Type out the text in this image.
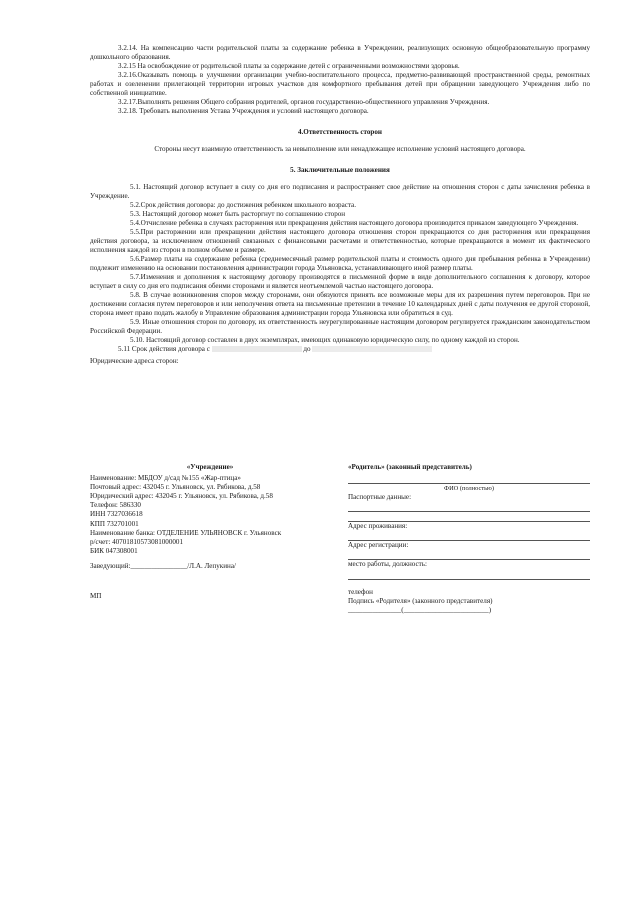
3.2.14. На компенсацию части родительской платы за содержание ребенка в Учреждении, реализующих основную общеобразовательную программу дошкольного образования.

3.2.15 На освобождение от родительской платы за содержание детей с ограниченными возможностями здоровья.

3.2.16.Оказывать помощь в улучшении организации учебно-воспитательного процесса, предметно-развивающей пространственной среды, ремонтных работах и озеленении прилегающей территории игровых участков для комфортного пребывания детей при обращении заведующего Учреждения либо по собственной инициативе.

3.2.17.Выполнять решения Общего собрания родителей, органов государственно-общественного управления Учреждения.

3.2.18. Требовать выполнения Устава Учреждения и условий настоящего договора.

4.Ответственность сторон

Стороны несут взаимную ответственность за невыполнение или ненадлежащее исполнение условий настоящего договора.

5. Заключительные положения

5.1. Настоящий договор вступает в силу со дня его подписания и распространяет свое действие на отношения сторон с даты зачисления ребенка в Учреждение.

5.2.Срок действия договора: до достижения ребенком школьного возраста.

5.3. Настоящий договор может быть расторгнут по соглашению сторон

5.4.Отчисление ребенка в случаях расторжения или прекращения действия настоящего договора производится приказом заведующего Учреждения.

5.5.При расторжении или прекращении действия настоящего договора отношения сторон прекращаются со дня расторжения или прекращения действия договора, за исключением отношений связанных с финансовыми расчетами и ответственностью, которые прекращаются в момент их фактического исполнения каждой из сторон в полном объеме и размере.

5.6.Размер платы на содержание ребенка (среднемесячный размер родительской платы и стоимость одного дня пребывания ребенка в Учреждении) подлежит изменению на основании постановления администрации города Ульяновска, устанавливающего иной размер платы.

5.7.Изменения и дополнения к настоящему договору производятся в письменной форме в виде дополнительного соглашения к договору, которое вступает в силу со дня его подписания обеими сторонами и является неотъемлемой частью настоящего договора.

5.8. В случае возникновения споров между сторонами, они обязуются принять все возможные меры для их разрешения путем переговоров. При не достижении согласия путем переговоров и или неполучения ответа на письменные претензии в течение 10 календарных дней с даты получения ее другой стороной, сторона имеет право подать жалобу в Управление образования администрации города Ульяновска или обратиться в суд.

5.9. Иные отношения сторон по договору, их ответственность неурегулированные настоящим договором регулируется гражданским законодательством Российской Федерации.

5.10. Настоящий договор составлен в двух экземплярах, имеющих одинаковую юридическую силу, по одному каждой из сторон.

5.11 Срок действия договора с	до

Юридические адреса сторон:

«Учреждение»
Наименование: МБДОУ д/сад №155 «Жар-птица»
Почтовый адрес: 432045 г. Ульяновск, ул. Рябикова, д.58
Юридический адрес: 432045 г. Ульяновск, ул. Рябикова, д.58
Телефон: 586330
ИНН 7327036618
КПП 732701001
Наименование банка: ОТДЕЛЕНИЕ УЛЬЯНОВСК г. Ульяновск
р/счет: 40701810573081000001
БИК 047308001
Заведующий:________________/Л.А. Лепукина/
МП
«Родитель» (законный представитель)
ФИО (полностью)
Паспортные данные:
Адрес проживания:
Адрес регистрации:
место работы, должность:
телефон
Подпись «Родителя» (законного представителя)
_______________(________________________)
